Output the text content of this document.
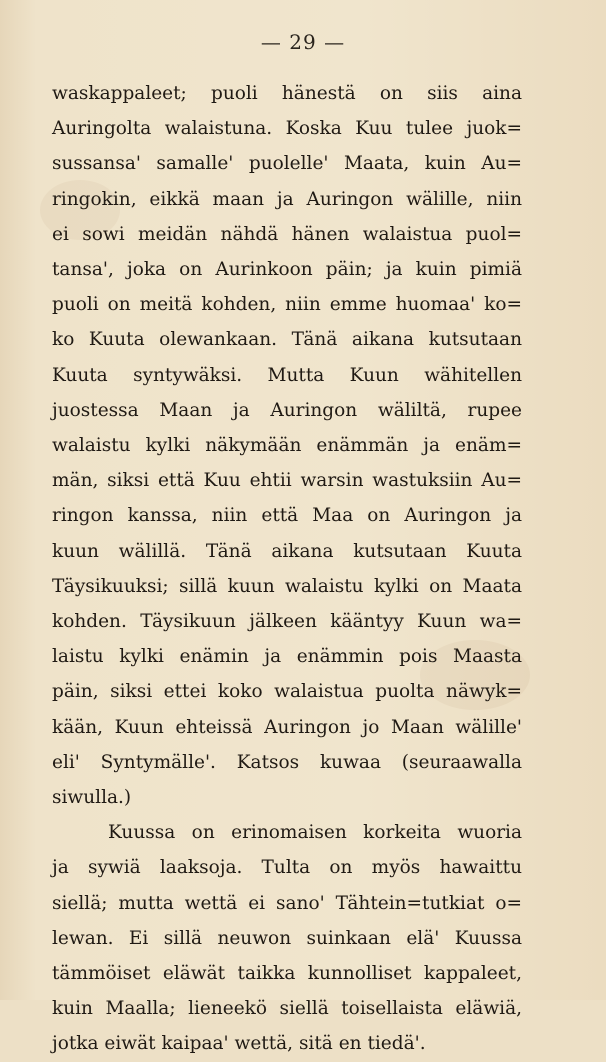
— 29 —
waskappaleet; puoli hänestä on siis aina
Auringolta walaistuna. Koska Kuu tulee juok=
sussansa' samalle' puolelle' Maata, kuin Au=
ringokin, eikkä maan ja Auringon wälille, niin
ei sowi meidän nähdä hänen walaistua puol=
tansa', joka on Aurinkoon päin; ja kuin pimiä
puoli on meitä kohden, niin emme huomaa' ko=
ko Kuuta olewankaan. Tänä aikana kutsutaan
Kuuta syntywäksi. Mutta Kuun wähitellen
juostessa Maan ja Auringon wäliltä, rupee
walaistu kylki näkymään enämmän ja enäm=
män, siksi että Kuu ehtii warsin wastuksiin Au=
ringon kanssa, niin että Maa on Auringon ja
kuun wälillä. Tänä aikana kutsutaan Kuuta
Täysikuuksi; sillä kuun walaistu kylki on Maata
kohden. Täysikuun jälkeen kääntyy Kuun wa=
laistu kylki enämin ja enämmin pois Maasta
päin, siksi ettei koko walaistua puolta näwyk=
kään, Kuun ehteissä Auringon jo Maan wälille'
eli' Syntymälle'. Katsos kuwaa (seuraawalla
siwulla.)
Kuussa on erinomaisen korkeita wuoria
ja sywiä laaksoja. Tulta on myös hawaittu
siellä; mutta wettä ei sano' Tähtein=tutkiat o=
lewan. Ei sillä neuwon suinkaan elä' Kuussa
tämmöiset eläwät taikka kunnolliset kappaleet,
kuin Maalla; lieneekö siellä toisellaista eläwiä,
jotka eiwät kaipaa' wettä, sitä en tiedä'.
